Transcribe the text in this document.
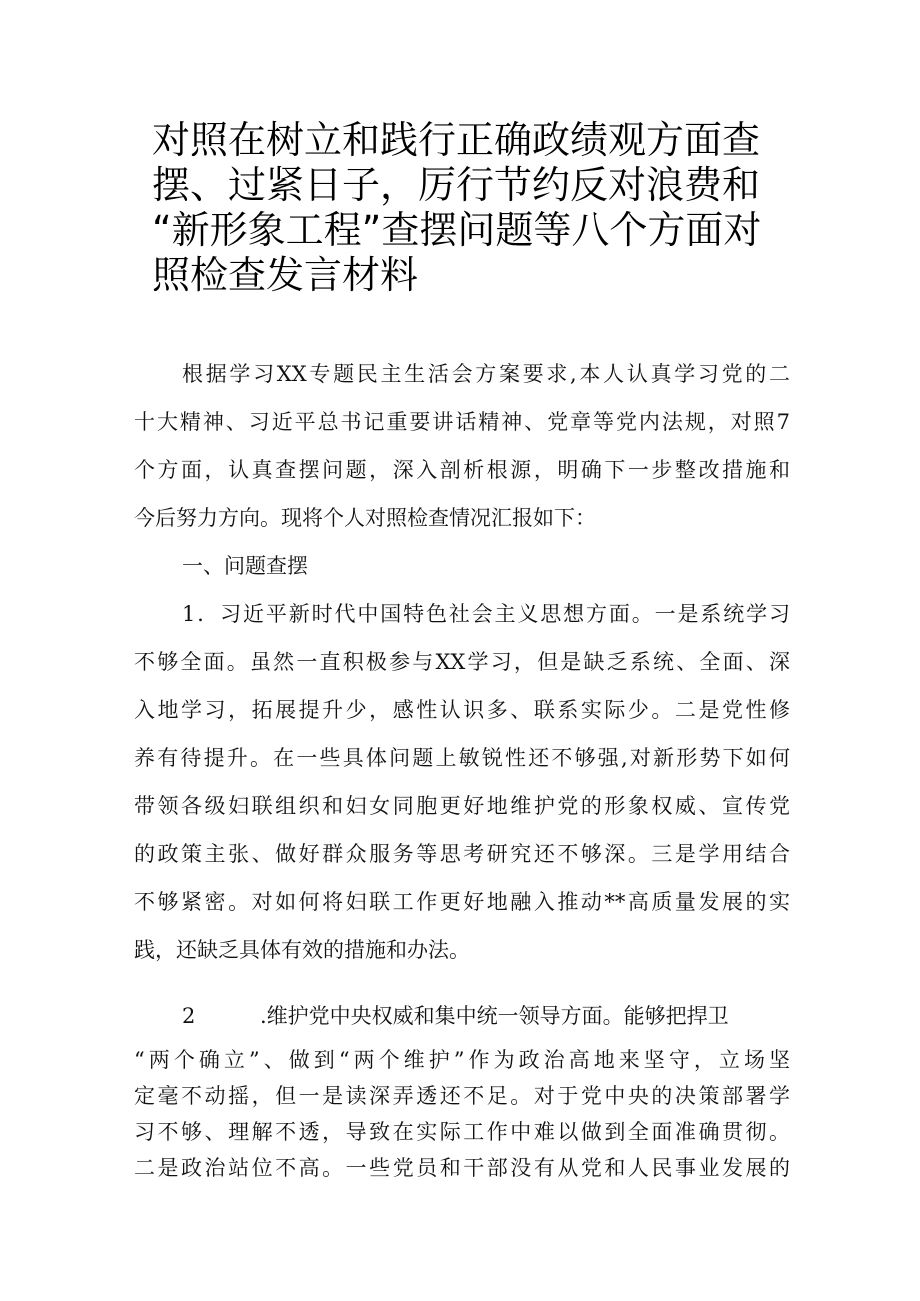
对照在树立和践行正确政绩观方面查
摆、过紧日子，厉行节约反对浪费和
“新形象工程”查摆问题等八个方面对
照检查发言材料
根据学习XX专题民主生活会方案要求,本人认真学习党的二
十大精神、习近平总书记重要讲话精神、党章等党内法规，对照7
个方面，认真查摆问题，深入剖析根源，明确下一步整改措施和
今后努力方向。现将个人对照检查情况汇报如下：
一、问题查摆
1．习近平新时代中国特色社会主义思想方面。一是系统学习
不够全面。虽然一直积极参与XX学习，但是缺乏系统、全面、深
入地学习，拓展提升少，感性认识多、联系实际少。二是党性修
养有待提升。在一些具体问题上敏锐性还不够强,对新形势下如何
带领各级妇联组织和妇女同胞更好地维护党的形象权威、宣传党
的政策主张、做好群众服务等思考研究还不够深。三是学用结合
不够紧密。对如何将妇联工作更好地融入推动**高质量发展的实
践，还缺乏具体有效的措施和办法。
2	.维护党中央权威和集中统一领导方面。能够把捍卫
“两个确立”、做到“两个维护”作为政治高地来坚守，立场坚
定毫不动摇，但一是读深弄透还不足。对于党中央的决策部署学
习不够、理解不透，导致在实际工作中难以做到全面准确贯彻。
二是政治站位不高。一些党员和干部没有从党和人民事业发展的
